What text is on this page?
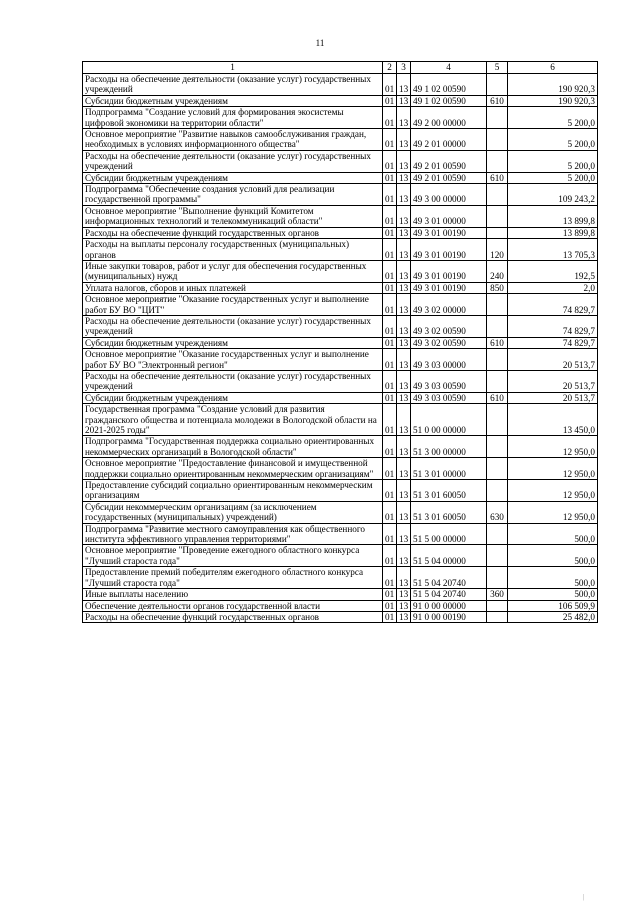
11
1	2	3	4	5	6
Расходы на обеспечение деятельности (оказание услуг) государственных учреждений	01	13	49 1 02 00590		190 920,3
Субсидии бюджетным учреждениям	01	13	49 1 02 00590	610	190 920,3
Подпрограмма "Создание условий для формирования экосистемы цифровой экономики на территории области"	01	13	49 2 00 00000		5 200,0
Основное мероприятие "Развитие навыков самообслуживания граждан, необходимых в условиях информационного общества"	01	13	49 2 01 00000		5 200,0
Расходы на обеспечение деятельности (оказание услуг) государственных учреждений	01	13	49 2 01 00590		5 200,0
Субсидии бюджетным учреждениям	01	13	49 2 01 00590	610	5 200,0
Подпрограмма "Обеспечение создания условий для реализации государственной программы"	01	13	49 3 00 00000		109 243,2
Основное мероприятие "Выполнение функций Комитетом информационных технологий и телекоммуникаций области"	01	13	49 3 01 00000		13 899,8
Расходы на обеспечение функций государственных органов	01	13	49 3 01 00190		13 899,8
Расходы на выплаты персоналу государственных (муниципальных) органов	01	13	49 3 01 00190	120	13 705,3
Иные закупки товаров, работ и услуг для обеспечения государственных (муниципальных) нужд	01	13	49 3 01 00190	240	192,5
Уплата налогов, сборов и иных платежей	01	13	49 3 01 00190	850	2,0
Основное мероприятие "Оказание государственных услуг и выполнение работ БУ ВО "ЦИТ"	01	13	49 3 02 00000		74 829,7
Расходы на обеспечение деятельности (оказание услуг) государственных учреждений	01	13	49 3 02 00590		74 829,7
Субсидии бюджетным учреждениям	01	13	49 3 02 00590	610	74 829,7
Основное мероприятие "Оказание государственных услуг и выполнение работ БУ ВО "Электронный регион"	01	13	49 3 03 00000		20 513,7
Расходы на обеспечение деятельности (оказание услуг) государственных учреждений	01	13	49 3 03 00590		20 513,7
Субсидии бюджетным учреждениям	01	13	49 3 03 00590	610	20 513,7
Государственная программа "Создание условий для развития гражданского общества и потенциала молодежи в Вологодской области на 2021-2025 годы"	01	13	51 0 00 00000		13 450,0
Подпрограмма "Государственная поддержка социально ориентированных некоммерческих организаций в Вологодской области"	01	13	51 3 00 00000		12 950,0
Основное мероприятие "Предоставление финансовой и имущественной поддержки социально ориентированным некоммерческим организациям"	01	13	51 3 01 00000		12 950,0
Предоставление субсидий социально ориентированным некоммерческим организациям	01	13	51 3 01 60050		12 950,0
Субсидии некоммерческим организациям (за исключением государственных (муниципальных) учреждений)	01	13	51 3 01 60050	630	12 950,0
Подпрограмма "Развитие местного самоуправления как общественного института эффективного управления территориями"	01	13	51 5 00 00000		500,0
Основное мероприятие "Проведение ежегодного областного конкурса "Лучший староста года"	01	13	51 5 04 00000		500,0
Предоставление премий победителям ежегодного областного конкурса "Лучший староста года"	01	13	51 5 04 20740		500,0
Иные выплаты населению	01	13	51 5 04 20740	360	500,0
Обеспечение деятельности органов государственной власти	01	13	91 0 00 00000		106 509,9
Расходы на обеспечение функций государственных органов	01	13	91 0 00 00190		25 482,0
|
